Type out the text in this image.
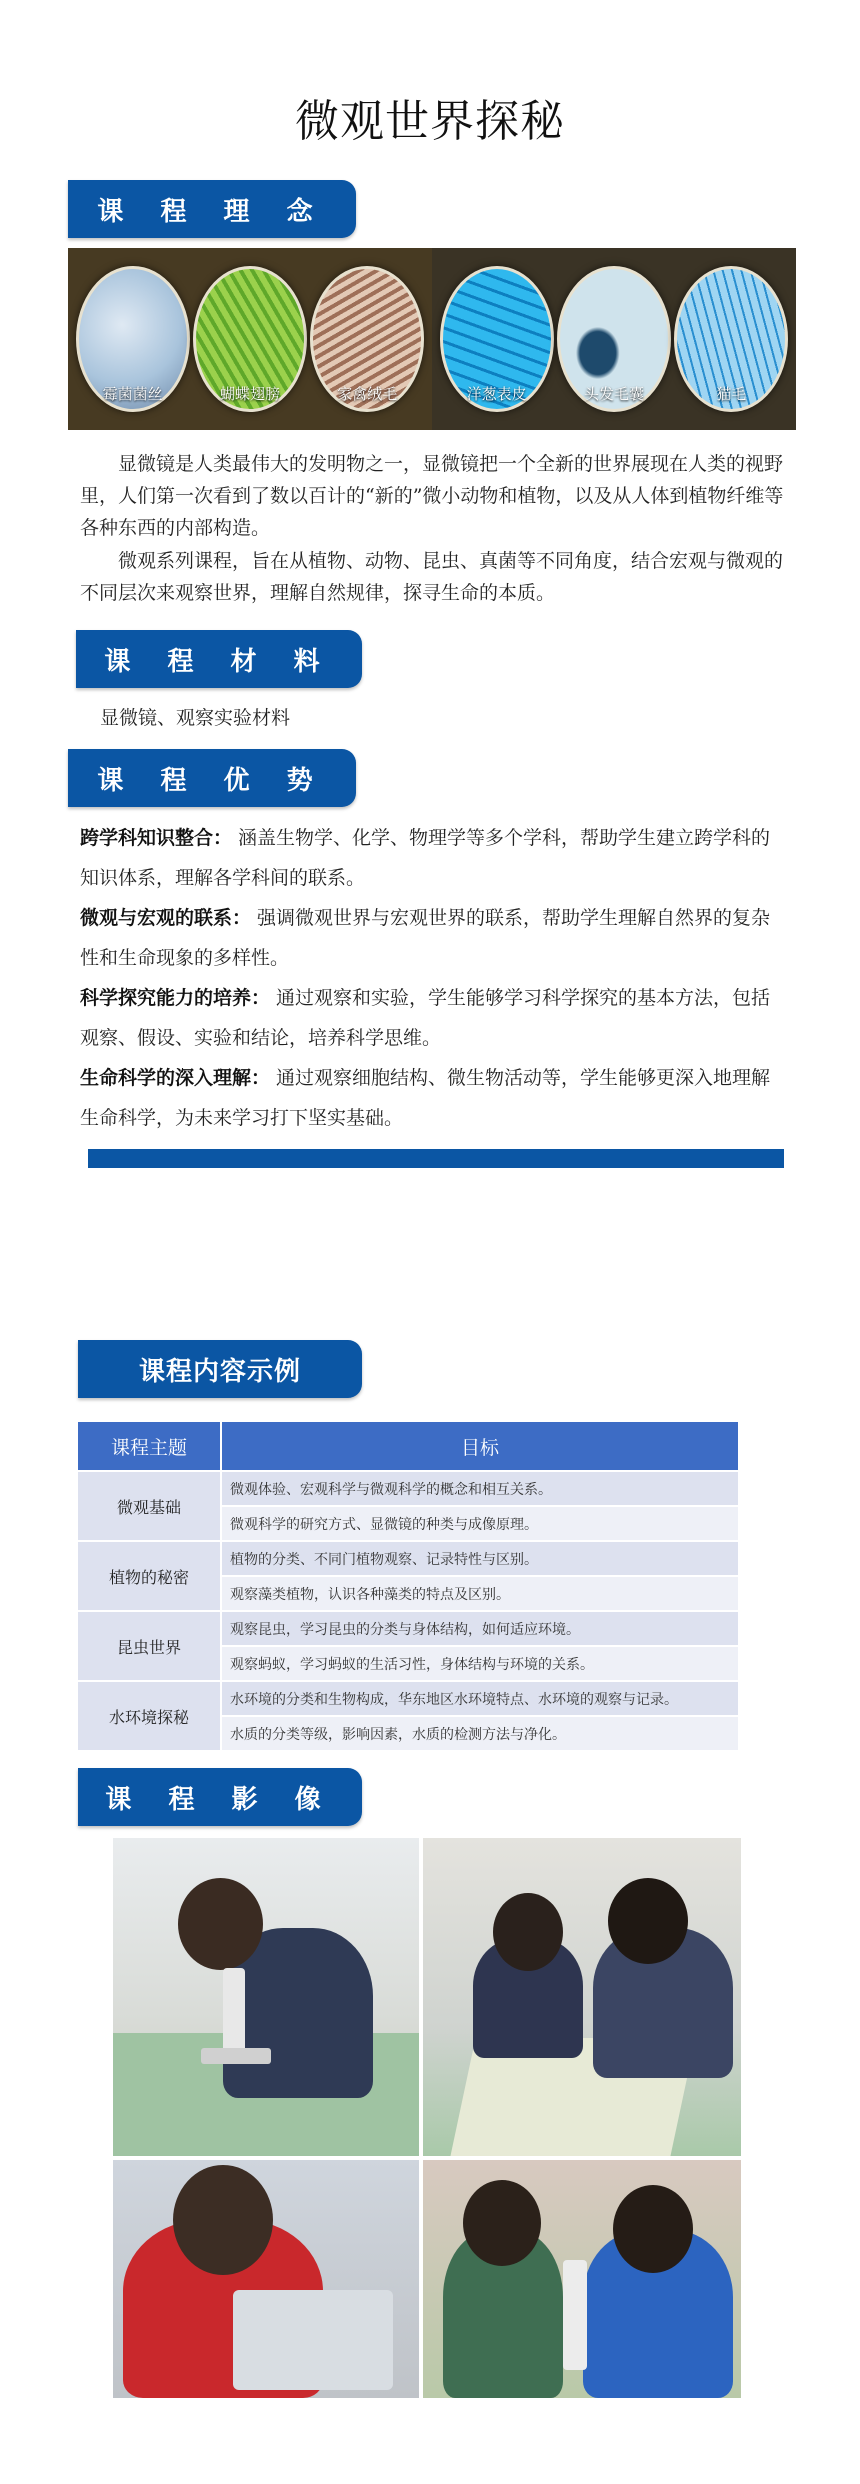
微观世界探秘
课 程 理 念
霉菌菌丝	蝴蝶翅膀	家禽绒毛	洋葱表皮	头发毛囊	猫毛
显微镜是人类最伟大的发明物之一，显微镜把一个全新的世界展现在人类的视野里，人们第一次看到了数以百计的“新的”微小动物和植物，以及从人体到植物纤维等各种东西的内部构造。
微观系列课程，旨在从植物、动物、昆虫、真菌等不同角度，结合宏观与微观的不同层次来观察世界，理解自然规律，探寻生命的本质。
课 程 材 料
显微镜、观察实验材料
课 程 优 势
跨学科知识整合： 涵盖生物学、化学、物理学等多个学科，帮助学生建立跨学科的知识体系，理解各学科间的联系。
微观与宏观的联系： 强调微观世界与宏观世界的联系，帮助学生理解自然界的复杂性和生命现象的多样性。
科学探究能力的培养： 通过观察和实验，学生能够学习科学探究的基本方法，包括观察、假设、实验和结论，培养科学思维。
生命科学的深入理解： 通过观察细胞结构、微生物活动等，学生能够更深入地理解生命科学，为未来学习打下坚实基础。
课程内容示例
课程主题	目标
微观基础	微观体验、宏观科学与微观科学的概念和相互关系。
	微观科学的研究方式、显微镜的种类与成像原理。
植物的秘密	植物的分类、不同门植物观察、记录特性与区别。
	观察藻类植物，认识各种藻类的特点及区别。
昆虫世界	观察昆虫，学习昆虫的分类与身体结构，如何适应环境。
	观察蚂蚁，学习蚂蚁的生活习性，身体结构与环境的关系。
水环境探秘	水环境的分类和生物构成，华东地区水环境特点、水环境的观察与记录。
	水质的分类等级，影响因素，水质的检测方法与净化。
课 程 影 像
